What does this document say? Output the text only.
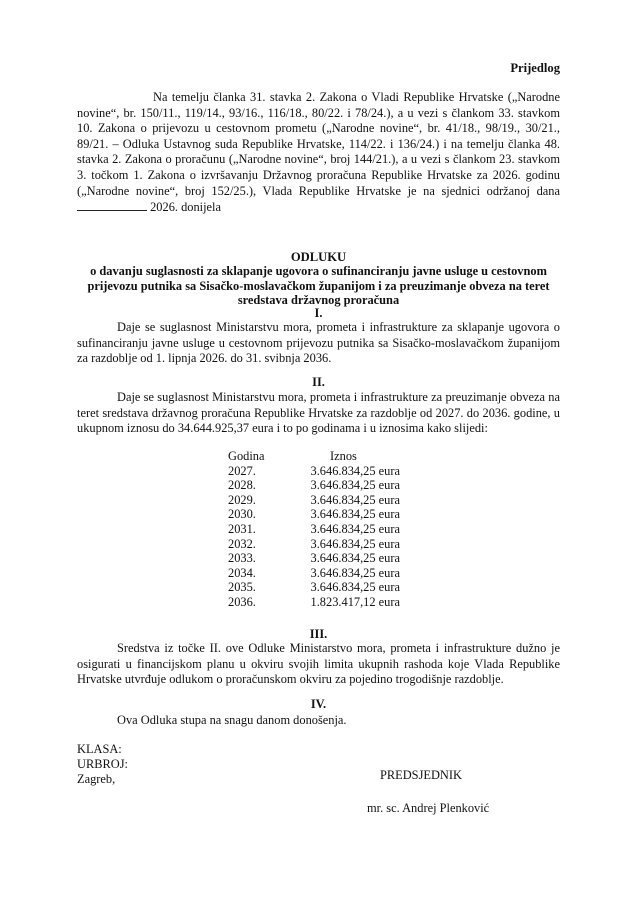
Prijedlog
Na temelju članka 31. stavka 2. Zakona o Vladi Republike Hrvatske („Narodne novine“, br. 150/11., 119/14., 93/16., 116/18., 80/22. i 78/24.), a u vezi s člankom 33. stavkom 10. Zakona o prijevozu u cestovnom prometu („Narodne novine“, br. 41/18., 98/19., 30/21., 89/21. – Odluka Ustavnog suda Republike Hrvatske, 114/22. i 136/24.) i na temelju članka 48. stavka 2. Zakona o proračunu („Narodne novine“, broj 144/21.), a u vezi s člankom 23. stavkom 3. točkom 1. Zakona o izvršavanju Državnog proračuna Republike Hrvatske za 2026. godinu („Narodne novine“, broj 152/25.), Vlada Republike Hrvatske je na sjednici održanoj dana  2026. donijela
ODLUKU
o davanju suglasnosti za sklapanje ugovora o sufinanciranju javne usluge u cestovnom prijevozu putnika sa Sisačko-moslavačkom županijom i za preuzimanje obveza na teret sredstava državnog proračuna
I.
Daje se suglasnost Ministarstvu mora, prometa i infrastrukture za sklapanje ugovora o sufinanciranju javne usluge u cestovnom prijevozu putnika sa Sisačko-moslavačkom županijom za razdoblje od 1. lipnja 2026. do 31. svibnja 2036.
II.
Daje se suglasnost Ministarstvu mora, prometa i infrastrukture za preuzimanje obveza na teret sredstava državnog proračuna Republike Hrvatske za razdoblje od 2027. do 2036. godine, u ukupnom iznosu do 34.644.925,37 eura i to po godinama i u iznosima kako slijedi:
Godina	Iznos
2027.	3.646.834,25 eura
2028.	3.646.834,25 eura
2029.	3.646.834,25 eura
2030.	3.646.834,25 eura
2031.	3.646.834,25 eura
2032.	3.646.834,25 eura
2033.	3.646.834,25 eura
2034.	3.646.834,25 eura
2035.	3.646.834,25 eura
2036.	1.823.417,12 eura
III.
Sredstva iz točke II. ove Odluke Ministarstvo mora, prometa i infrastrukture dužno je osigurati u financijskom planu u okviru svojih limita ukupnih rashoda koje Vlada Republike Hrvatske utvrđuje odlukom o proračunskom okviru za pojedino trogodišnje razdoblje.
IV.
Ova Odluka stupa na snagu danom donošenja.
KLASA:
URBROJ:
Zagreb,	PREDSJEDNIK
mr. sc. Andrej Plenković
